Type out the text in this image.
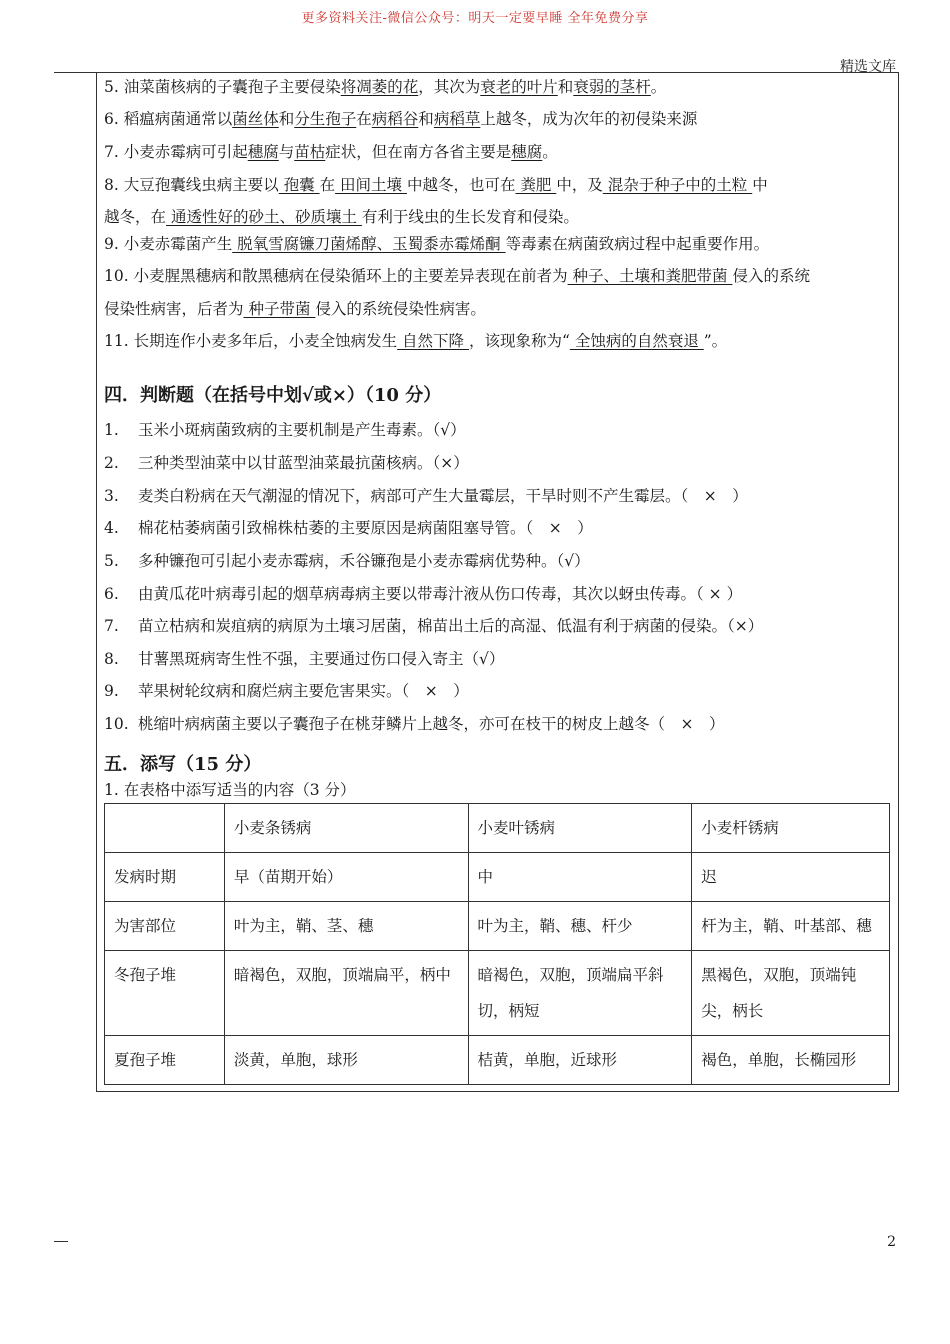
更多资料关注-微信公众号：明天一定要早睡 全年免费分享
精选文库
5. 油菜菌核病的子囊孢子主要侵染将凋萎的花，其次为衰老的叶片和衰弱的茎杆。
6. 稻瘟病菌通常以菌丝体和分生孢子在病稻谷和病稻草上越冬，成为次年的初侵染来源
7. 小麦赤霉病可引起穗腐与苗枯症状，但在南方各省主要是穗腐。
8. 大豆孢囊线虫病主要以 孢囊 在 田间土壤 中越冬，也可在 粪肥 中，及 混杂于种子中的土粒 中
越冬，在 通透性好的砂土、砂质壤土 有利于线虫的生长发育和侵染。
9. 小麦赤霉菌产生 脱氧雪腐镰刀菌烯醇、玉蜀黍赤霉烯酮 等毒素在病菌致病过程中起重要作用。
10. 小麦腥黑穗病和散黑穗病在侵染循环上的主要差异表现在前者为 种子、土壤和粪肥带菌 侵入的系统
侵染性病害，后者为 种子带菌 侵入的系统侵染性病害。
11. 长期连作小麦多年后，小麦全蚀病发生 自然下降 ，该现象称为“ 全蚀病的自然衰退 ”。
四．判断题（在括号中划√或×）（10 分）
1. 玉米小斑病菌致病的主要机制是产生毒素。（√）
2. 三种类型油菜中以甘蓝型油菜最抗菌核病。（×）
3. 麦类白粉病在天气潮湿的情况下，病部可产生大量霉层，干旱时则不产生霉层。（　×　）
4. 棉花枯萎病菌引致棉株枯萎的主要原因是病菌阻塞导管。（　×　）
5. 多种镰孢可引起小麦赤霉病，禾谷镰孢是小麦赤霉病优势种。（√）
6. 由黄瓜花叶病毒引起的烟草病毒病主要以带毒汁液从伤口传毒，其次以蚜虫传毒。（ × ）
7. 苗立枯病和炭疽病的病原为土壤习居菌，棉苗出土后的高湿、低温有利于病菌的侵染。（×）
8. 甘薯黑斑病寄生性不强，主要通过伤口侵入寄主（√）
9. 苹果树轮纹病和腐烂病主要危害果实。（　×　）
10. 桃缩叶病病菌主要以子囊孢子在桃芽鳞片上越冬，亦可在枝干的树皮上越冬（　×　）
五．添写（15 分）
1. 在表格中添写适当的内容（3 分）
	小麦条锈病	小麦叶锈病	小麦杆锈病
发病时期	早（苗期开始）	中	迟
为害部位	叶为主，鞘、茎、穗	叶为主，鞘、穗、杆少	杆为主，鞘、叶基部、穗
冬孢子堆	暗褐色，双胞，顶端扁平，柄中	暗褐色，双胞，顶端扁平斜切，柄短	黑褐色，双胞，顶端钝尖，柄长
夏孢子堆	淡黄，单胞，球形	桔黄，单胞，近球形	褐色，单胞，长椭园形
2
